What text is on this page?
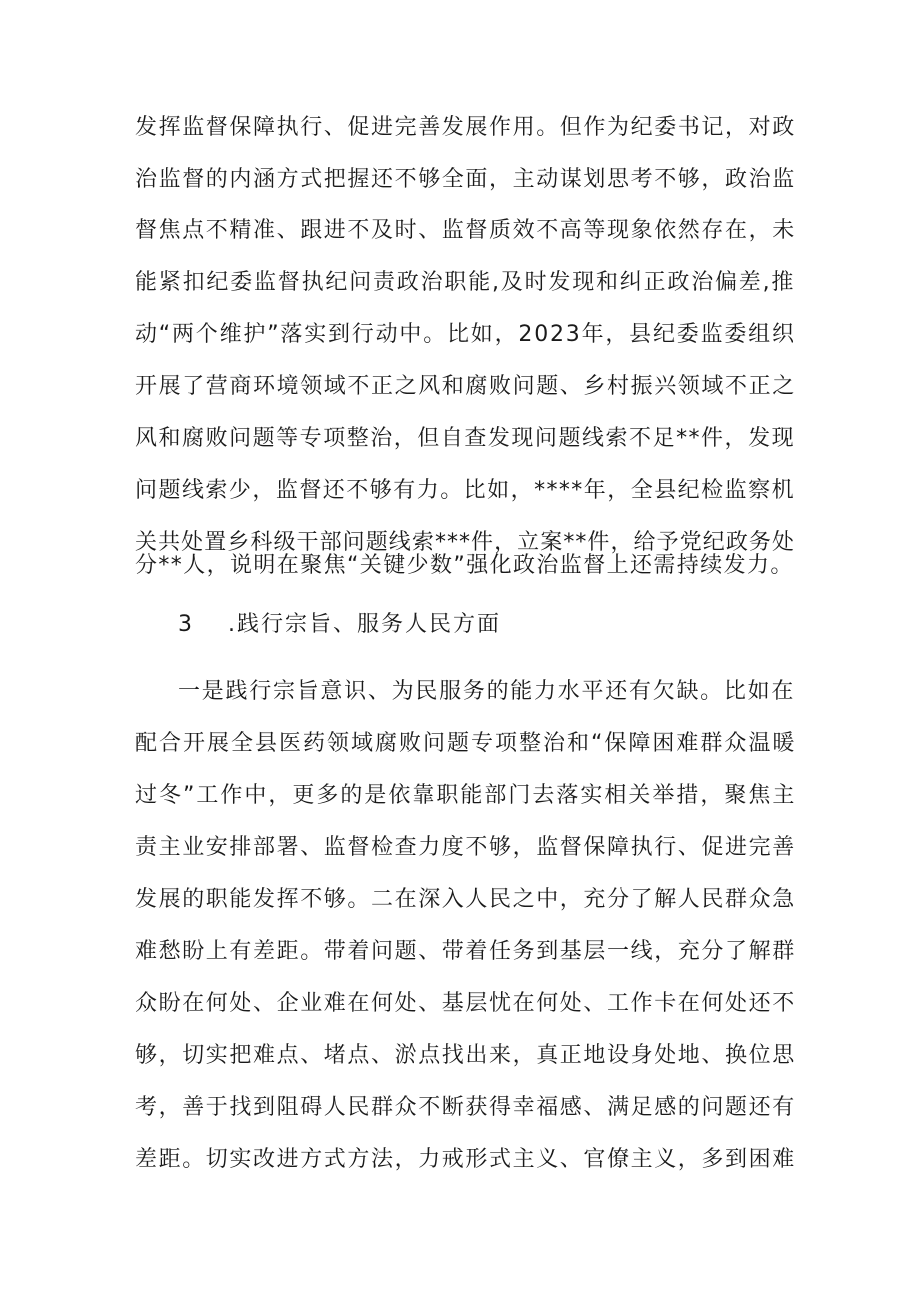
发挥监督保障执行、促进完善发展作用。但作为纪委书记，对政
治监督的内涵方式把握还不够全面，主动谋划思考不够，政治监
督焦点不精准、跟进不及时、监督质效不高等现象依然存在，未
能紧扣纪委监督执纪问责政治职能,及时发现和纠正政治偏差,推
动“两个维护”落实到行动中。比如，2023年，县纪委监委组织
开展了营商环境领域不正之风和腐败问题、乡村振兴领域不正之
风和腐败问题等专项整治，但自查发现问题线索不足**件，发现
问题线索少，监督还不够有力。比如，****年，全县纪检监察机
关共处置乡科级干部问题线索***件，立案**件，给予党纪政务处
分**人，说明在聚焦“关键少数”强化政治监督上还需持续发力。
3 .践行宗旨、服务人民方面
一是践行宗旨意识、为民服务的能力水平还有欠缺。比如在
配合开展全县医药领域腐败问题专项整治和“保障困难群众温暖
过冬”工作中，更多的是依靠职能部门去落实相关举措，聚焦主
责主业安排部署、监督检查力度不够，监督保障执行、促进完善
发展的职能发挥不够。二在深入人民之中，充分了解人民群众急
难愁盼上有差距。带着问题、带着任务到基层一线，充分了解群
众盼在何处、企业难在何处、基层忧在何处、工作卡在何处还不
够，切实把难点、堵点、淤点找出来，真正地设身处地、换位思
考，善于找到阻碍人民群众不断获得幸福感、满足感的问题还有
差距。切实改进方式方法，力戒形式主义、官僚主义，多到困难
